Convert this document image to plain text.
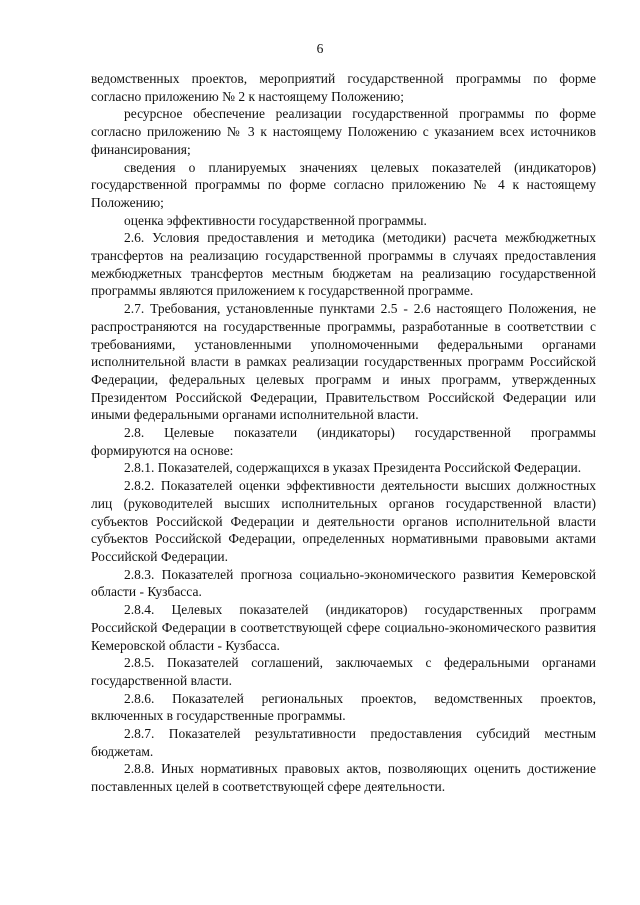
6

ведомственных проектов, мероприятий государственной программы по форме согласно приложению № 2 к настоящему Положению;

ресурсное обеспечение реализации государственной программы по форме согласно приложению № 3 к настоящему Положению с указанием всех источников финансирования;

сведения о планируемых значениях целевых показателей (индикаторов) государственной программы по форме согласно приложению № 4 к настоящему Положению;

оценка эффективности государственной программы.

2.6. Условия предоставления и методика (методики) расчета межбюджетных трансфертов на реализацию государственной программы в случаях предоставления межбюджетных трансфертов местным бюджетам на реализацию государственной программы являются приложением к государственной программе.

2.7. Требования, установленные пунктами 2.5 - 2.6 настоящего Положения, не распространяются на государственные программы, разработанные в соответствии с требованиями, установленными уполномоченными федеральными органами исполнительной власти в рамках реализации государственных программ Российской Федерации, федеральных целевых программ и иных программ, утвержденных Президентом Российской Федерации, Правительством Российской Федерации или иными федеральными органами исполнительной власти.

2.8. Целевые показатели (индикаторы) государственной программы формируются на основе:

2.8.1. Показателей, содержащихся в указах Президента Российской Федерации.

2.8.2. Показателей оценки эффективности деятельности высших должностных лиц (руководителей высших исполнительных органов государственной власти) субъектов Российской Федерации и деятельности органов исполнительной власти субъектов Российской Федерации, определенных нормативными правовыми актами Российской Федерации.

2.8.3. Показателей прогноза социально-экономического развития Кемеровской области - Кузбасса.

2.8.4. Целевых показателей (индикаторов) государственных программ Российской Федерации в соответствующей сфере социально-экономического развития Кемеровской области - Кузбасса.

2.8.5. Показателей соглашений, заключаемых с федеральными органами государственной власти.

2.8.6. Показателей региональных проектов, ведомственных проектов, включенных в государственные программы.

2.8.7. Показателей результативности предоставления субсидий местным бюджетам.

2.8.8. Иных нормативных правовых актов, позволяющих оценить достижение поставленных целей в соответствующей сфере деятельности.
